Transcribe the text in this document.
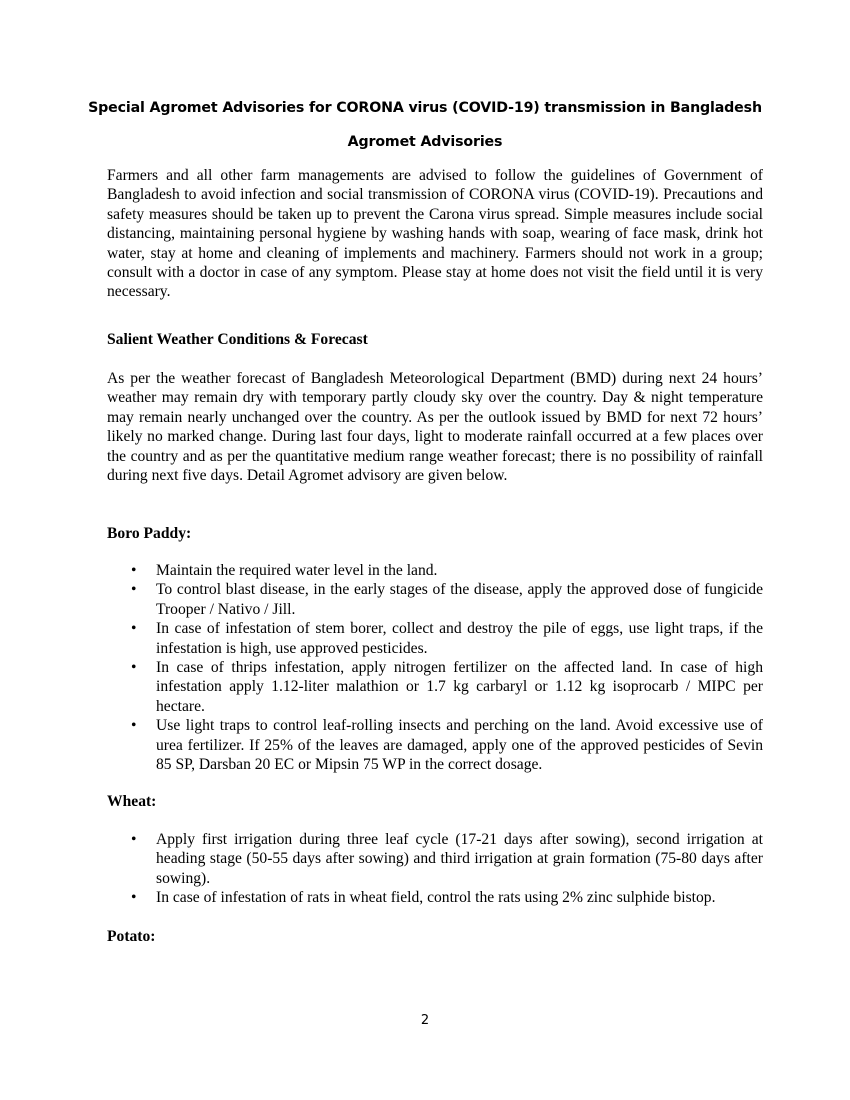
Special Agromet Advisories for CORONA virus (COVID-19) transmission in Bangladesh
Agromet Advisories

Farmers and all other farm managements are advised to follow the guidelines of Government of Bangladesh to avoid infection and social transmission of CORONA virus (COVID-19). Precautions and safety measures should be taken up to prevent the Carona virus spread. Simple measures include social distancing, maintaining personal hygiene by washing hands with soap, wearing of face mask, drink hot water, stay at home and cleaning of implements and machinery. Farmers should not work in a group; consult with a doctor in case of any symptom. Please stay at home does not visit the field until it is very necessary.

Salient Weather Conditions & Forecast

As per the weather forecast of Bangladesh Meteorological Department (BMD) during next 24 hours’ weather may remain dry with temporary partly cloudy sky over the country. Day & night temperature may remain nearly unchanged over the country. As per the outlook issued by BMD for next 72 hours’ likely no marked change. During last four days, light to moderate rainfall occurred at a few places over the country and as per the quantitative medium range weather forecast; there is no possibility of rainfall during next five days. Detail Agromet advisory are given below.

Boro Paddy:

• Maintain the required water level in the land.
• To control blast disease, in the early stages of the disease, apply the approved dose of fungicide Trooper / Nativo / Jill.
• In case of infestation of stem borer, collect and destroy the pile of eggs, use light traps, if the infestation is high, use approved pesticides.
• In case of thrips infestation, apply nitrogen fertilizer on the affected land. In case of high infestation apply 1.12-liter malathion or 1.7 kg carbaryl or 1.12 kg isoprocarb / MIPC per hectare.
• Use light traps to control leaf-rolling insects and perching on the land. Avoid excessive use of urea fertilizer. If 25% of the leaves are damaged, apply one of the approved pesticides of Sevin 85 SP, Darsban 20 EC or Mipsin 75 WP in the correct dosage.

Wheat:

• Apply first irrigation during three leaf cycle (17-21 days after sowing), second irrigation at heading stage (50-55 days after sowing) and third irrigation at grain formation (75-80 days after sowing).
• In case of infestation of rats in wheat field, control the rats using 2% zinc sulphide bistop.

Potato:

2
